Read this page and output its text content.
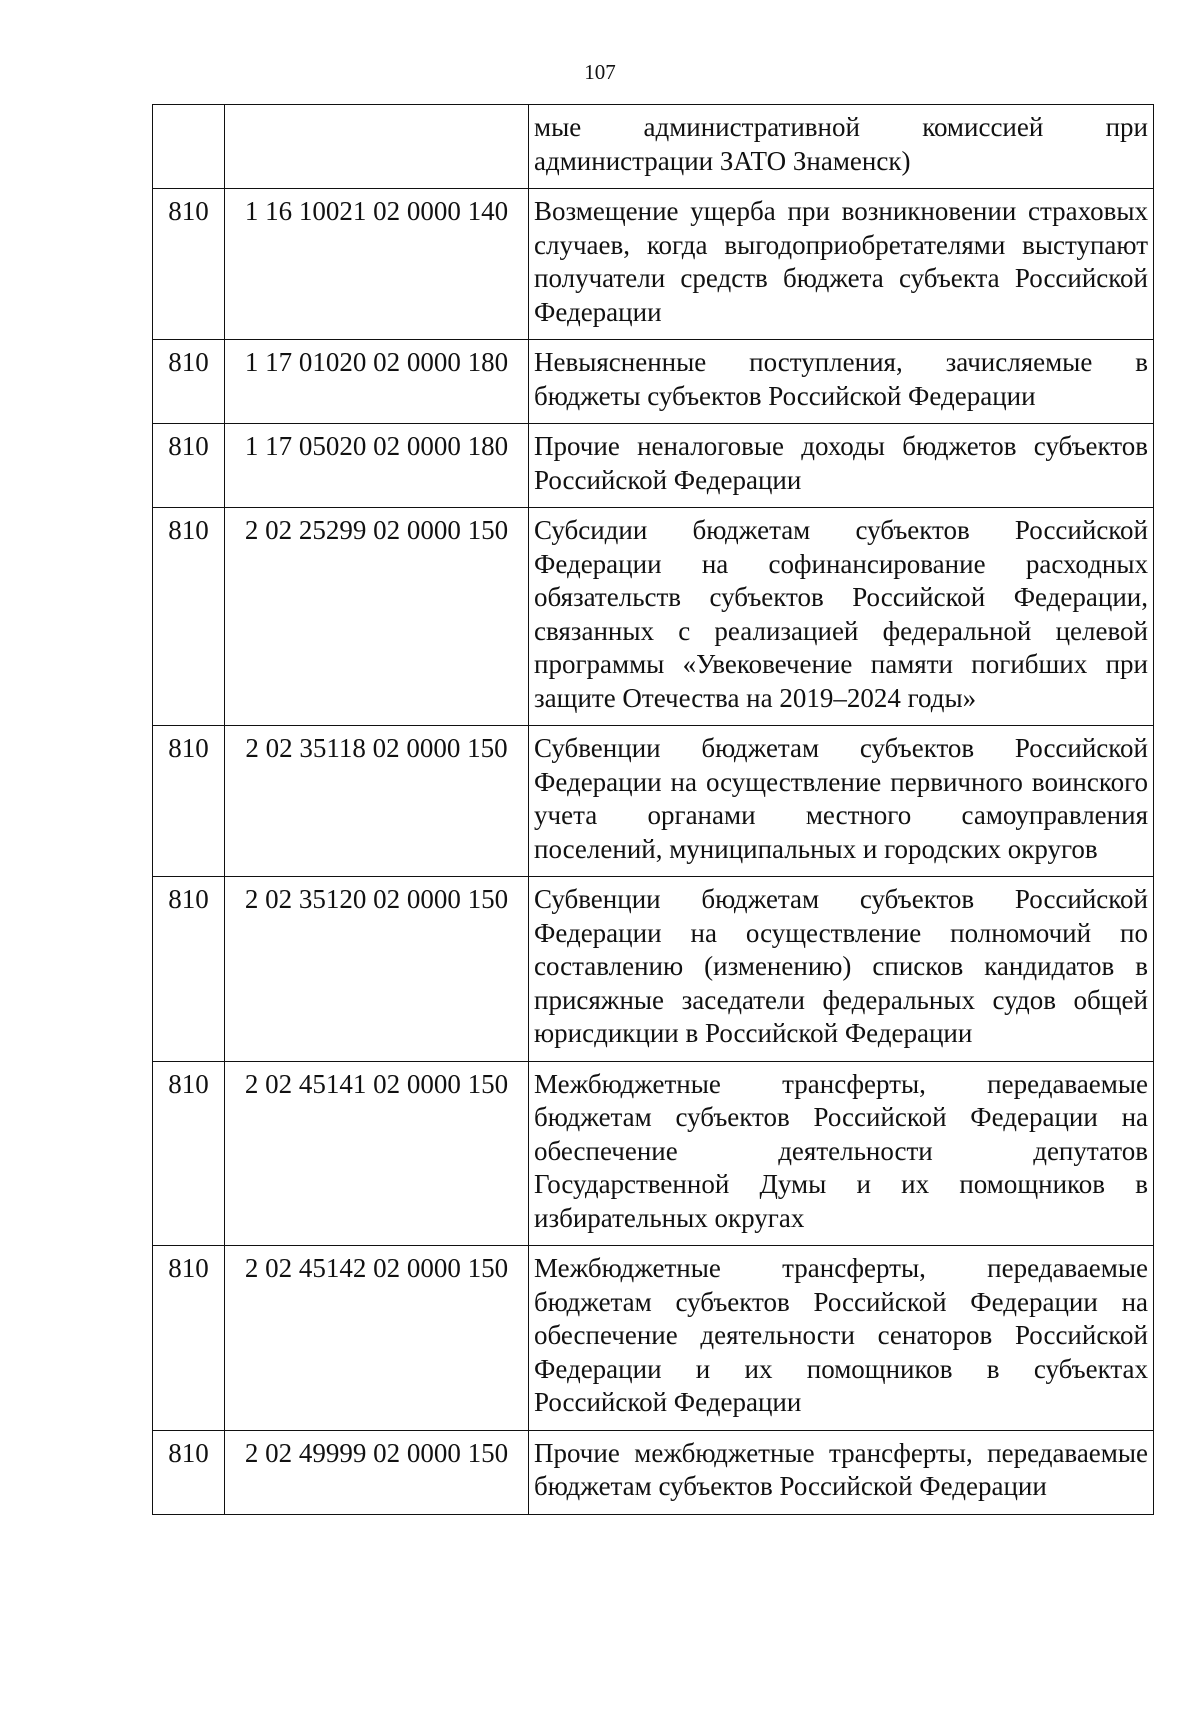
107
		мые административной комиссией при администрации ЗАТО Знаменск)
810	1 16 10021 02 0000 140	Возмещение ущерба при возникновении страховых случаев, когда выгодоприобретателями выступают получатели средств бюджета субъекта Российской Федерации
810	1 17 01020 02 0000 180	Невыясненные поступления, зачисляемые в бюджеты субъектов Российской Федерации
810	1 17 05020 02 0000 180	Прочие неналоговые доходы бюджетов субъектов Российской Федерации
810	2 02 25299 02 0000 150	Субсидии бюджетам субъектов Российской Федерации на софинансирование расходных обязательств субъектов Российской Федерации, связанных с реализацией федеральной целевой программы «Увековечение памяти погибших при защите Отечества на 2019–2024 годы»
810	2 02 35118 02 0000 150	Субвенции бюджетам субъектов Российской Федерации на осуществление первичного воинского учета органами местного самоуправления поселений, муниципальных и городских округов
810	2 02 35120 02 0000 150	Субвенции бюджетам субъектов Российской Федерации на осуществление полномочий по составлению (изменению) списков кандидатов в присяжные заседатели федеральных судов общей юрисдикции в Российской Федерации
810	2 02 45141 02 0000 150	Межбюджетные трансферты, передаваемые бюджетам субъектов Российской Федерации на обеспечение деятельности депутатов Государственной Думы и их помощников в избирательных округах
810	2 02 45142 02 0000 150	Межбюджетные трансферты, передаваемые бюджетам субъектов Российской Федерации на обеспечение деятельности сенаторов Российской Федерации и их помощников в субъектах Российской Федерации
810	2 02 49999 02 0000 150	Прочие межбюджетные трансферты, передаваемые бюджетам субъектов Российской Федерации
